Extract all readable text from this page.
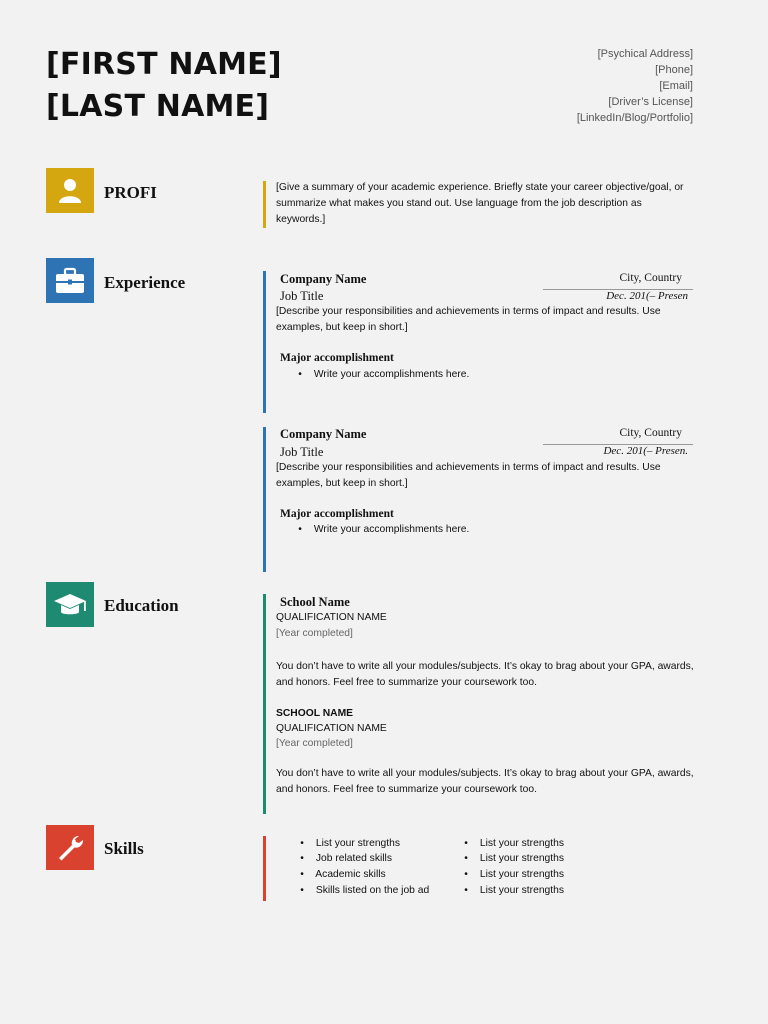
[FIRST NAME]
[LAST NAME]
[Psychical Address]
[Phone]
[Email]
[Driver’s License]
[LinkedIn/Blog/Portfolio]
PROFI	[Give a summary of your academic experience. Briefly state your career objective/goal, or summarize what makes you stand out. Use language from the job description as keywords.]
Experience	Company Name	City, Country
Job Title	Dec. 201(– Presen
[Describe your responsibilities and achievements in terms of impact and results. Use examples, but keep in short.]
Major accomplishment
• Write your accomplishments here.
Company Name	City, Country
Job Title	Dec. 201(– Presen.
[Describe your responsibilities and achievements in terms of impact and results. Use examples, but keep in short.]
Major accomplishment
• Write your accomplishments here.
Education	School Name
QUALIFICATION NAME
[Year completed]
You don’t have to write all your modules/subjects. It’s okay to brag about your GPA, awards, and honors. Feel free to summarize your coursework too.
SCHOOL NAME
QUALIFICATION NAME
[Year completed]
You don’t have to write all your modules/subjects. It’s okay to brag about your GPA, awards, and honors. Feel free to summarize your coursework too.
Skills	• List your strengths
• Job related skills
• Academic skills
• Skills listed on the job ad
• List your strengths
• List your strengths
• List your strengths
• List your strengths
